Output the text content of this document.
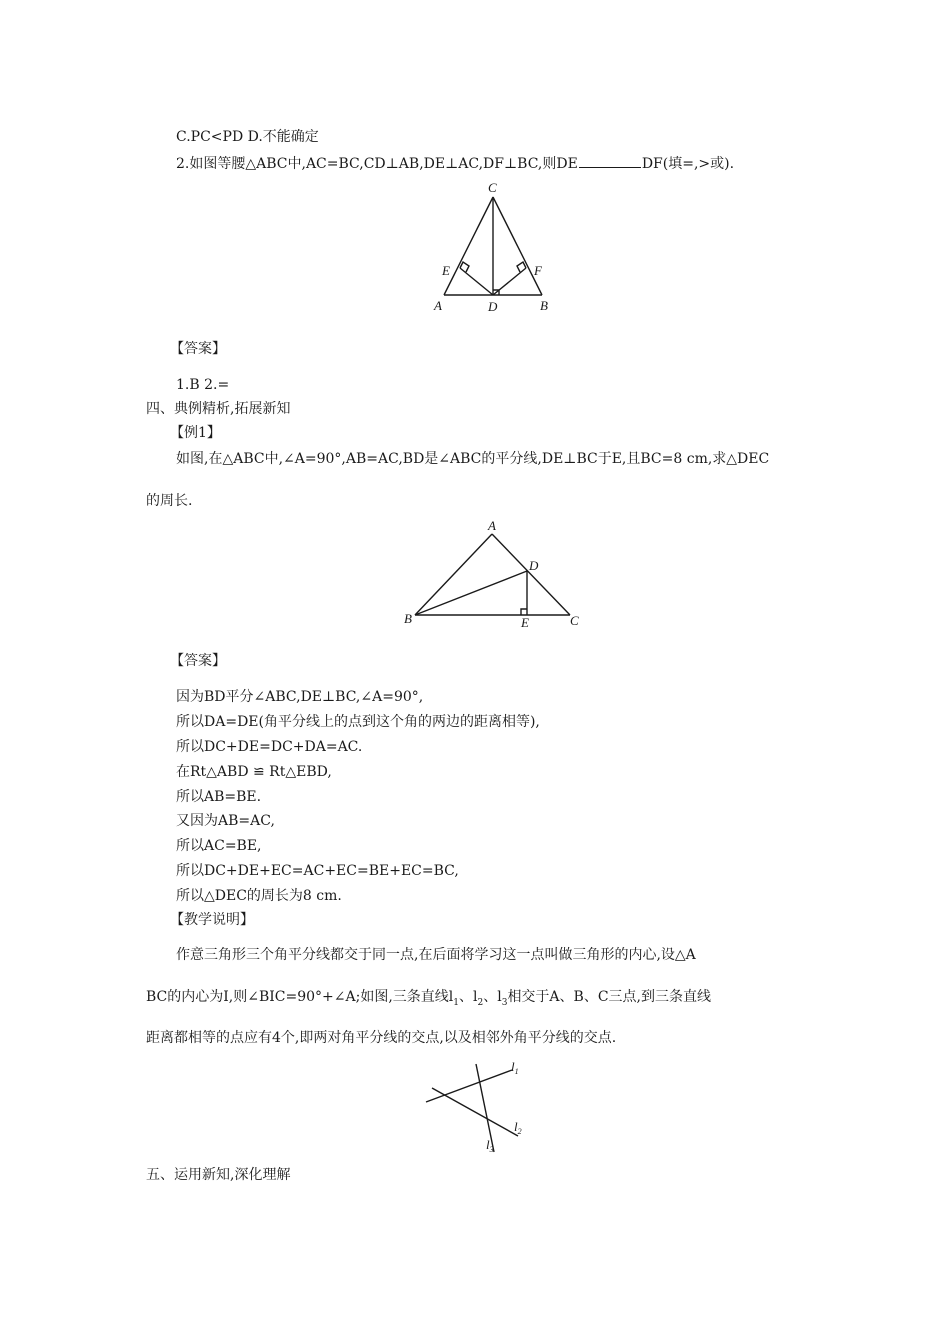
C.PC<PD D.不能确定
2.如图等腰△ABC中,AC=BC,CD⊥AB,DE⊥AC,DF⊥BC,则DE	DF(填=,>或).
C
E	F
A	D	B
【答案】
1.B 2.=
四、典例精析,拓展新知
【例1】
如图,在△ABC中,∠A=90°,AB=AC,BD是∠ABC的平分线,DE⊥BC于E,且BC=8 cm,求△DEC
的周长.
A
D
B	E	C
【答案】
因为BD平分∠ABC,DE⊥BC,∠A=90°,
所以DA=DE(角平分线上的点到这个角的两边的距离相等),
所以DC+DE=DC+DA=AC.
在Rt△ABD ≌ Rt△EBD,
所以AB=BE.
又因为AB=AC,
所以AC=BE,
所以DC+DE+EC=AC+EC=BE+EC=BC,
所以△DEC的周长为8 cm.
【教学说明】
作意三角形三个角平分线都交于同一点,在后面将学习这一点叫做三角形的内心,设△A
BC的内心为I,则∠BIC=90°+∠A;如图,三条直线$l_1$、$l_2$、$l_3$相交于A、B、C三点,到三条直线
距离都相等的点应有4个,即两对角平分线的交点,以及相邻外角平分线的交点.
$l_1$
$l_2$
$l_3$
五、运用新知,深化理解
